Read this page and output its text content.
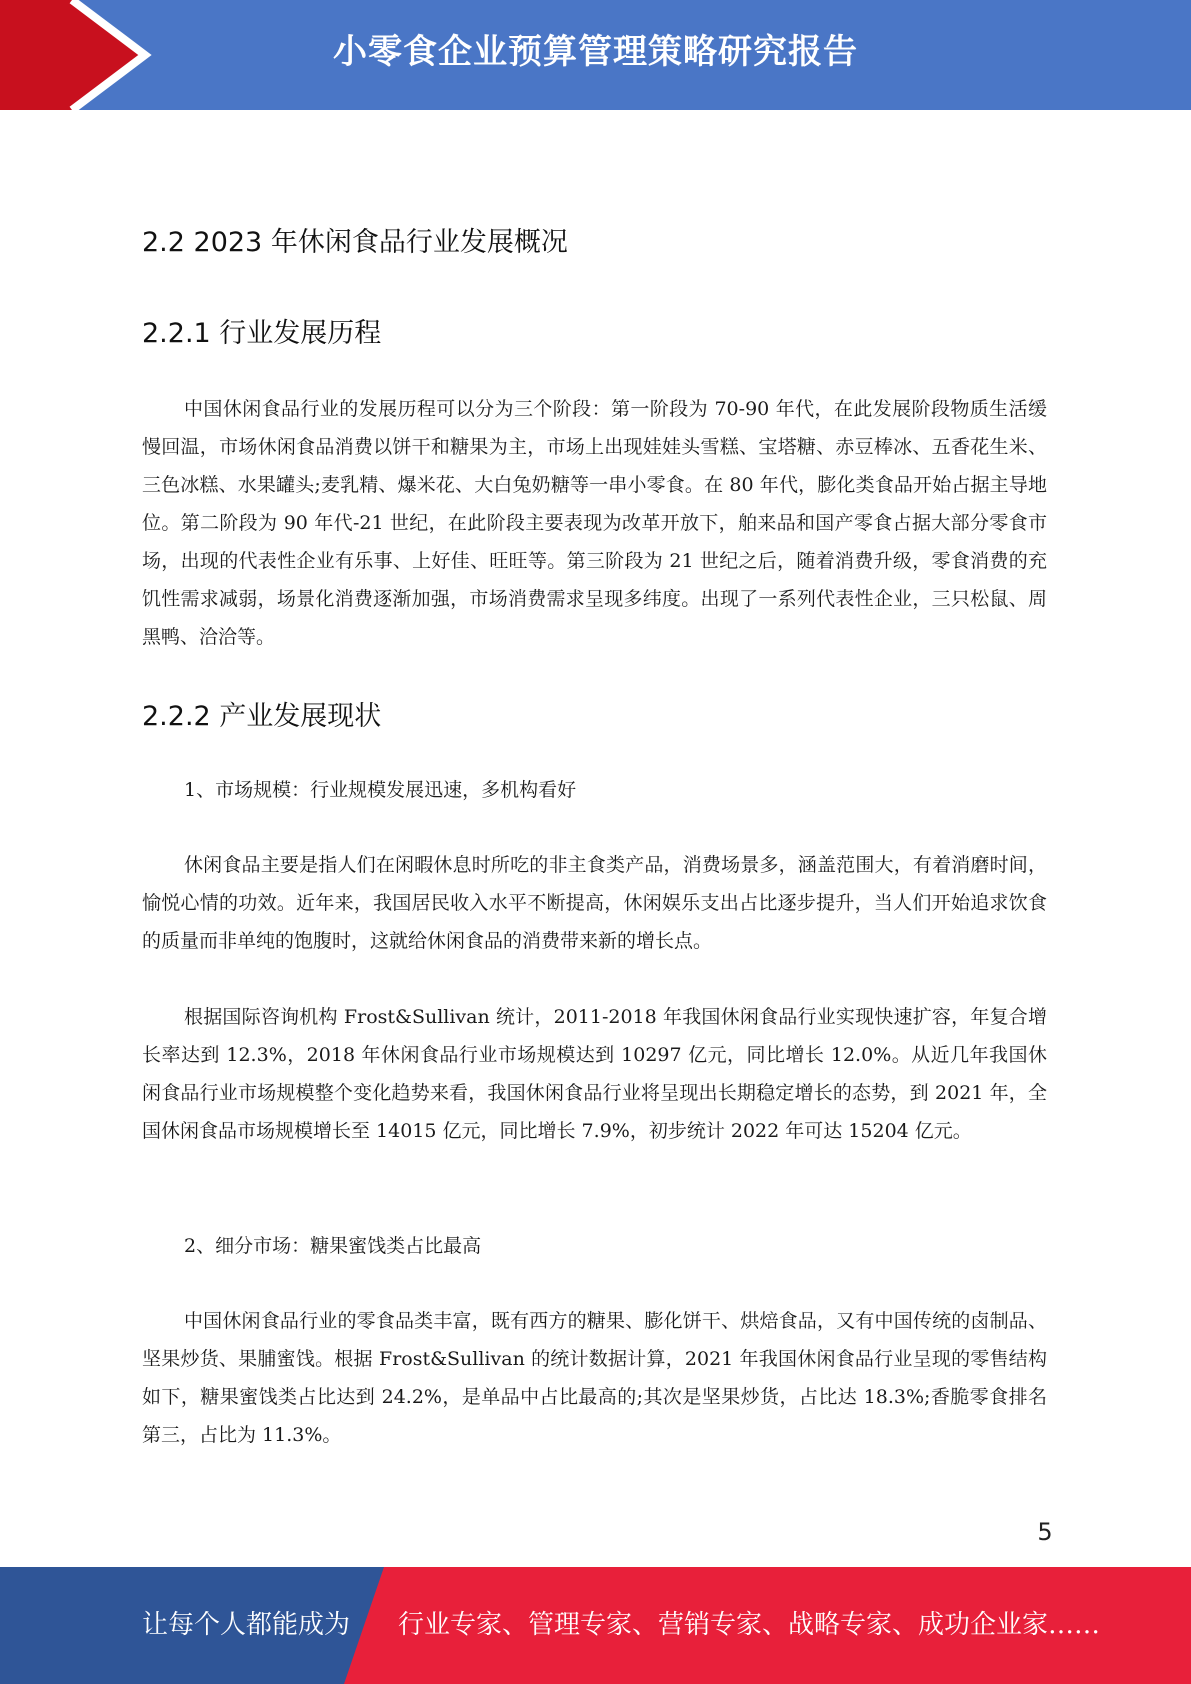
小零食企业预算管理策略研究报告
2.2 2023 年休闲食品行业发展概况
2.2.1 行业发展历程

中国休闲食品行业的发展历程可以分为三个阶段：第一阶段为 70-90 年代，在此发展阶段物质生活缓慢回温，市场休闲食品消费以饼干和糖果为主，市场上出现娃娃头雪糕、宝塔糖、赤豆棒冰、五香花生米、三色冰糕、水果罐头;麦乳精、爆米花、大白兔奶糖等一串小零食。在 80 年代，膨化类食品开始占据主导地位。第二阶段为 90 年代-21 世纪，在此阶段主要表现为改革开放下，舶来品和国产零食占据大部分零食市场，出现的代表性企业有乐事、上好佳、旺旺等。第三阶段为 21 世纪之后，随着消费升级，零食消费的充饥性需求减弱，场景化消费逐渐加强，市场消费需求呈现多纬度。出现了一系列代表性企业，三只松鼠、周黑鸭、洽洽等。

2.2.2 产业发展现状
1、市场规模：行业规模发展迅速，多机构看好

休闲食品主要是指人们在闲暇休息时所吃的非主食类产品，消费场景多，涵盖范围大，有着消磨时间，愉悦心情的功效。近年来，我国居民收入水平不断提高，休闲娱乐支出占比逐步提升，当人们开始追求饮食的质量而非单纯的饱腹时，这就给休闲食品的消费带来新的增长点。

根据国际咨询机构 Frost&Sullivan 统计，2011-2018 年我国休闲食品行业实现快速扩容，年复合增长率达到 12.3%，2018 年休闲食品行业市场规模达到 10297 亿元，同比增长 12.0%。从近几年我国休闲食品行业市场规模整个变化趋势来看，我国休闲食品行业将呈现出长期稳定增长的态势，到 2021 年，全国休闲食品市场规模增长至 14015 亿元，同比增长 7.9%，初步统计 2022 年可达 15204 亿元。

2、细分市场：糖果蜜饯类占比最高

中国休闲食品行业的零食品类丰富，既有西方的糖果、膨化饼干、烘焙食品，又有中国传统的卤制品、坚果炒货、果脯蜜饯。根据 Frost&Sullivan 的统计数据计算，2021 年我国休闲食品行业呈现的零售结构如下，糖果蜜饯类占比达到 24.2%，是单品中占比最高的;其次是坚果炒货，占比达 18.3%;香脆零食排名第三，占比为 11.3%。

5
让每个人都能成为 行业专家、管理专家、营销专家、战略专家、成功企业家……
